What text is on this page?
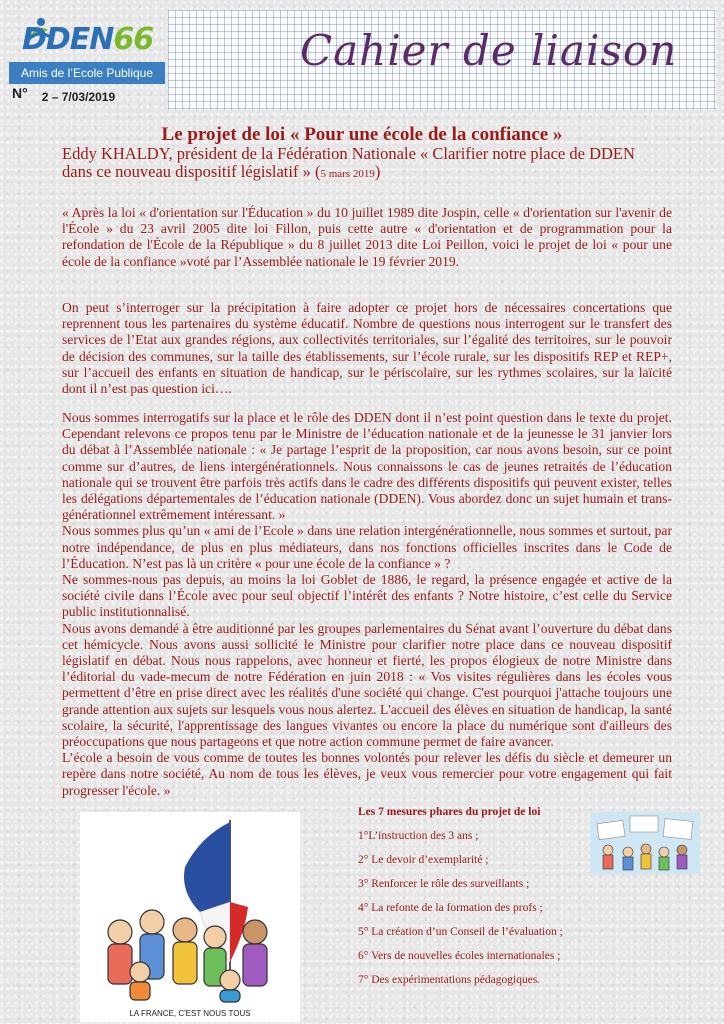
DDEN66
Amis de l’Ecole Publique
N° 2 – 7/03/2019
Cahier de liaison
Le projet de loi « Pour une école de la confiance »
Eddy KHALDY, président de la Fédération Nationale « Clarifier notre place de DDEN dans ce nouveau dispositif législatif » (5 mars 2019)
« Après la loi « d'orientation sur l'Éducation » du 10 juillet 1989 dite Jospin, celle « d'orientation sur l'avenir de l'École » du 23 avril 2005 dite loi Fillon, puis cette autre « d'orientation et de programmation pour la refondation de l'École de la République » du 8 juillet 2013 dite Loi Peillon, voici le projet de loi « pour une école de la confiance »voté par l’Assemblée nationale le 19 février 2019.
On peut s’interroger sur la précipitation à faire adopter ce projet hors de nécessaires concertations que reprennent tous les partenaires du système éducatif. Nombre de questions nous interrogent sur le transfert des services de l’Etat aux grandes régions, aux collectivités territoriales, sur l’égalité des territoires, sur le pouvoir de décision des communes, sur la taille des établissements, sur l’école rurale, sur les dispositifs REP et REP+, sur l’accueil des enfants en situation de handicap, sur le périscolaire, sur les rythmes scolaires, sur la laïcité dont il n’est pas question ici….
Nous sommes interrogatifs sur la place et le rôle des DDEN dont il n’est point question dans le texte du projet. Cependant relevons ce propos tenu par le Ministre de l’éducation nationale et de la jeunesse le 31 janvier lors du débat à l’Assemblée nationale : « Je partage l’esprit de la proposition, car nous avons besoin, sur ce point comme sur d’autres, de liens intergénérationnels. Nous connaissons le cas de jeunes retraités de l’éducation nationale qui se trouvent être parfois très actifs dans le cadre des différents dispositifs qui peuvent exister, telles les délégations départementales de l’éducation nationale (DDEN). Vous abordez donc un sujet humain et trans-générationnel extrêmement intéressant. »
Nous sommes plus qu’un « ami de l’Ecole » dans une relation intergénérationnelle, nous sommes et surtout, par notre indépendance, de plus en plus médiateurs, dans nos fonctions officielles inscrites dans le Code de l’Éducation. N’est pas là un critère « pour une école de la confiance » ?
Ne sommes-nous pas depuis, au moins la loi Goblet de 1886, le regard, la présence engagée et active de la société civile dans l’École avec pour seul objectif l’intérêt des enfants ? Notre histoire, c’est celle du Service public institutionnalisé.
Nous avons demandé à être auditionné par les groupes parlementaires du Sénat avant l’ouverture du débat dans cet hémicycle. Nous avons aussi sollicité le Ministre pour clarifier notre place dans ce nouveau dispositif législatif en débat. Nous nous rappelons, avec honneur et fierté, les propos élogieux de notre Ministre dans l’éditorial du vade-mecum de notre Fédération en juin 2018 : « Vos visites régulières dans les écoles vous permettent d’être en prise direct avec les réalités d'une société qui change. C'est pourquoi j'attache toujours une grande attention aux sujets sur lesquels vous nous alertez. L'accueil des élèves en situation de handicap, la santé scolaire, la sécurité, l'apprentissage des langues vivantes ou encore la place du numérique sont d'ailleurs des préoccupations que nous partageons et que notre action commune permet de faire avancer.
L’école a besoin de vous comme de toutes les bonnes volontés pour relever les défis du siècle et demeurer un repère dans notre société, Au nom de tous les élèves, je veux vous remercier pour votre engagement qui fait progresser l'école. »
LA FRANCE, C'EST NOUS TOUS
Les 7 mesures phares du projet de loi
1°L’instruction des 3 ans ;
2° Le devoir d’exemplarité ;
3° Renforcer le rôle des surveillants ;
4° La refonte de la formation des profs ;
5° La création d’un Conseil de l’évaluation ;
6° Vers de nouvelles écoles internationales ;
7° Des expérimentations pédagogiques.
